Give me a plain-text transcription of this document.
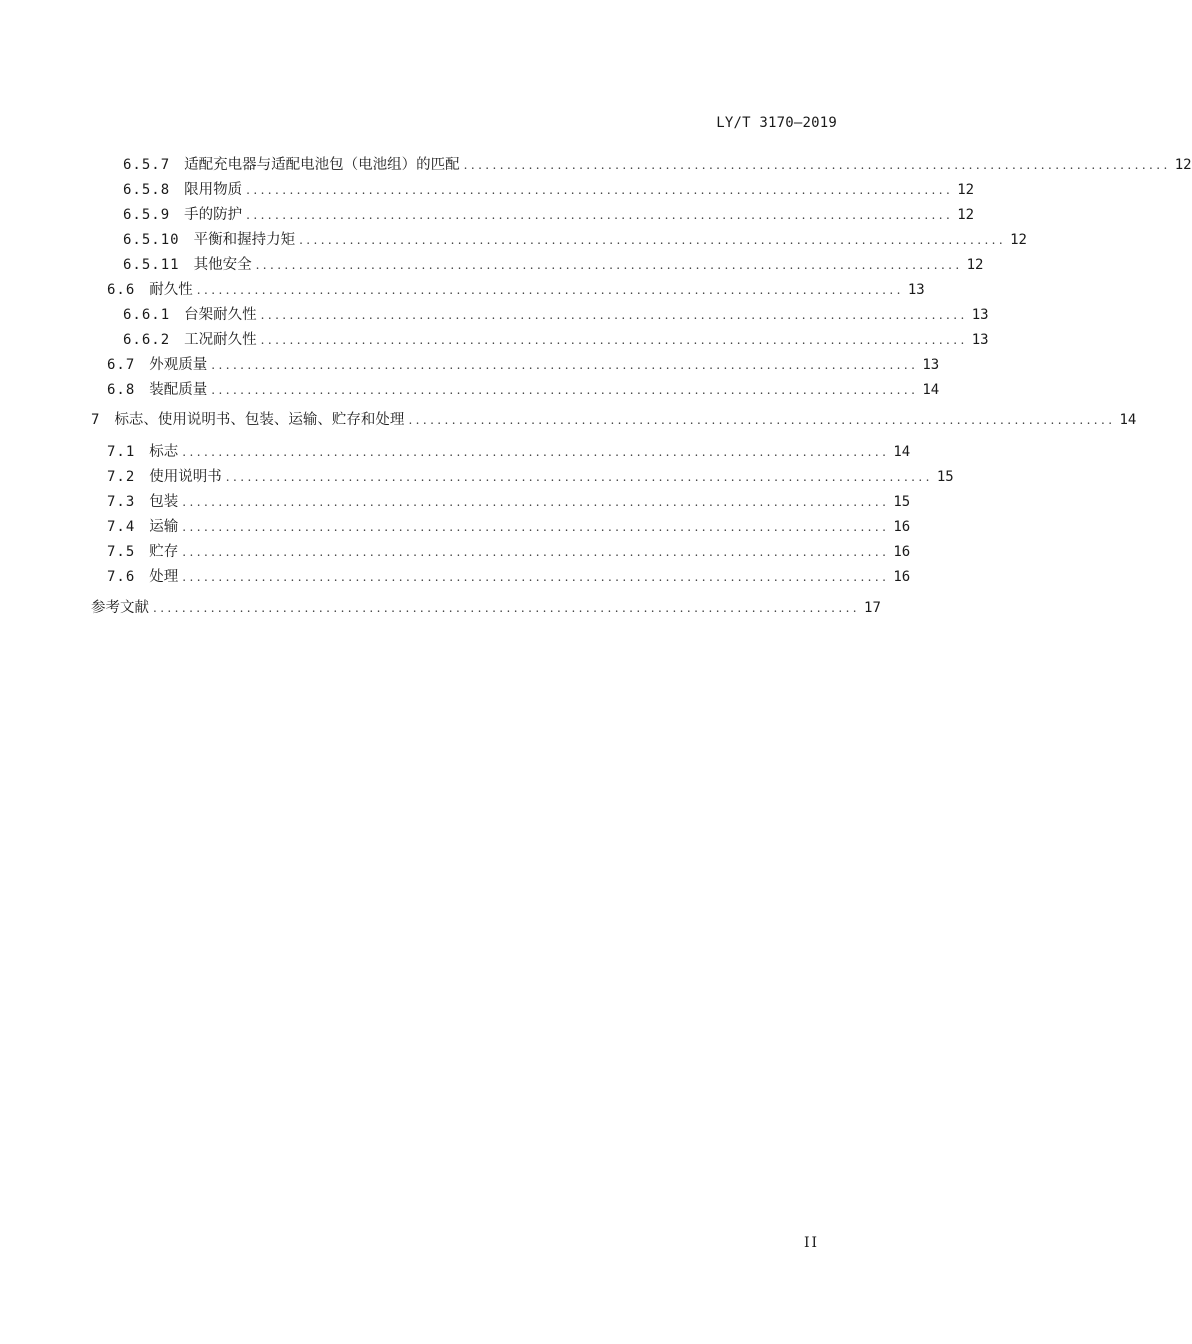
LY/T 3170—2019
6.5.7 适配充电器与适配电池包（电池组）的匹配 .................................................................................................. 12
6.5.8 限用物质 .................................................................................................. 12
6.5.9 手的防护 .................................................................................................. 12
6.5.10 平衡和握持力矩 .................................................................................................. 12
6.5.11 其他安全 .................................................................................................. 12
6.6 耐久性 .................................................................................................. 13
6.6.1 台架耐久性 .................................................................................................. 13
6.6.2 工况耐久性 .................................................................................................. 13
6.7 外观质量 .................................................................................................. 13
6.8 装配质量 .................................................................................................. 14
7 标志、使用说明书、包装、运输、贮存和处理 .................................................................................................. 14
7.1 标志 .................................................................................................. 14
7.2 使用说明书 .................................................................................................. 15
7.3 包装 .................................................................................................. 15
7.4 运输 .................................................................................................. 16
7.5 贮存 .................................................................................................. 16
7.6 处理 .................................................................................................. 16
参考文献 .................................................................................................. 17
II
